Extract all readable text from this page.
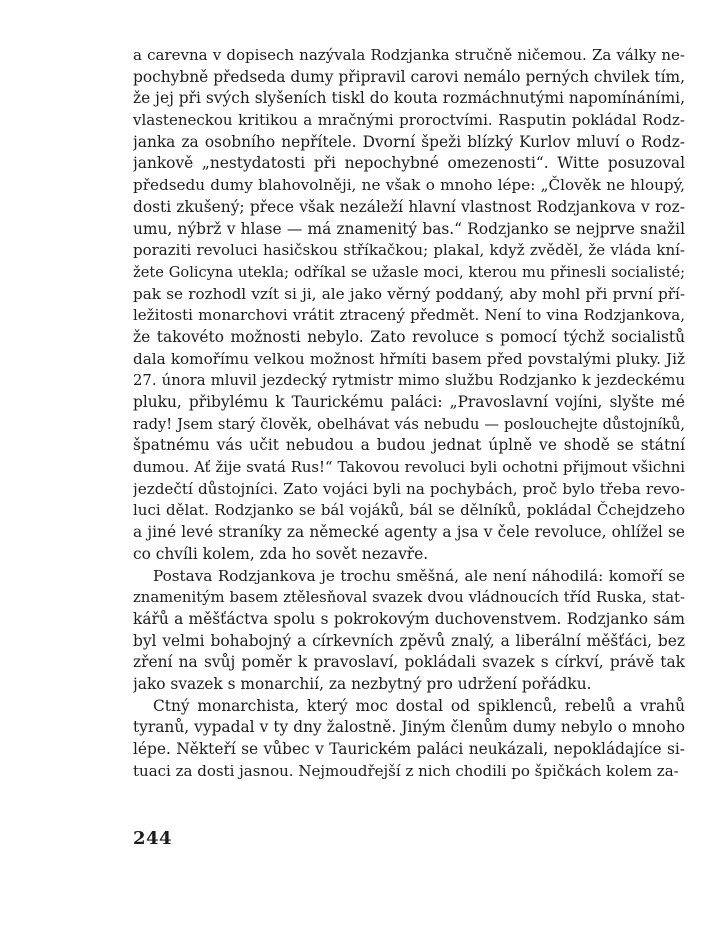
a carevna v dopisech nazývala Rodzjanka stručně ničemou. Za války ne-
pochybně předseda dumy připravil carovi nemálo perných chvilek tím,
že jej při svých slyšeních tiskl do kouta rozmáchnutými napomínáními,
vlasteneckou kritikou a mračnými proroctvími. Rasputin pokládal Rodz-
janka za osobního nepřítele. Dvorní špeži blízký Kurlov mluví o Rodz-
jankově „nestydatosti při nepochybné omezenosti“. Witte posuzoval
předsedu dumy blahovolněji, ne však o mnoho lépe: „Člověk ne hloupý,
dosti zkušený; přece však nezáleží hlavní vlastnost Rodzjankova v roz-
umu, nýbrž v hlase — má znamenitý bas.“ Rodzjanko se nejprve snažil
poraziti revoluci hasičskou stříkačkou; plakal, když zvěděl, že vláda kní-
žete Golicyna utekla; odříkal se užasle moci, kterou mu přinesli socialisté;
pak se rozhodl vzít si ji, ale jako věrný poddaný, aby mohl při první pří-
ležitosti monarchovi vrátit ztracený předmět. Není to vina Rodzjankova,
že takovéto možnosti nebylo. Zato revoluce s pomocí týchž socialistů
dala komořímu velkou možnost hřmíti basem před povstalými pluky. Již
27. února mluvil jezdecký rytmistr mimo službu Rodzjanko k jezdeckému
pluku, přibylému k Taurickému paláci: „Pravoslavní vojíni, slyšte mé
rady! Jsem starý člověk, obelhávat vás nebudu — poslouchejte důstojníků,
špatnému vás učit nebudou a budou jednat úplně ve shodě se státní
dumou. Ať žije svatá Rus!“ Takovou revoluci byli ochotni přijmout všichni
jezdečtí důstojníci. Zato vojáci byli na pochybách, proč bylo třeba revo-
luci dělat. Rodzjanko se bál vojáků, bál se dělníků, pokládal Čchejdzeho
a jiné levé straníky za německé agenty a jsa v čele revoluce, ohlížel se
co chvíli kolem, zda ho sovět nezavře.
Postava Rodzjankova je trochu směšná, ale není náhodilá: komoří se
znamenitým basem ztělesňoval svazek dvou vládnoucích tříd Ruska, stat-
kářů a měšťáctva spolu s pokrokovým duchovenstvem. Rodzjanko sám
byl velmi bohabojný a církevních zpěvů znalý, a liberální měšťáci, bez
zření na svůj poměr k pravoslaví, pokládali svazek s církví, právě tak
jako svazek s monarchií, za nezbytný pro udržení pořádku.
Ctný monarchista, který moc dostal od spiklenců, rebelů a vrahů
tyranů, vypadal v ty dny žalostně. Jiným členům dumy nebylo o mnoho
lépe. Někteří se vůbec v Taurickém paláci neukázali, nepokládajíce si-
tuaci za dosti jasnou. Nejmoudřejší z nich chodili po špičkách kolem za-
244
